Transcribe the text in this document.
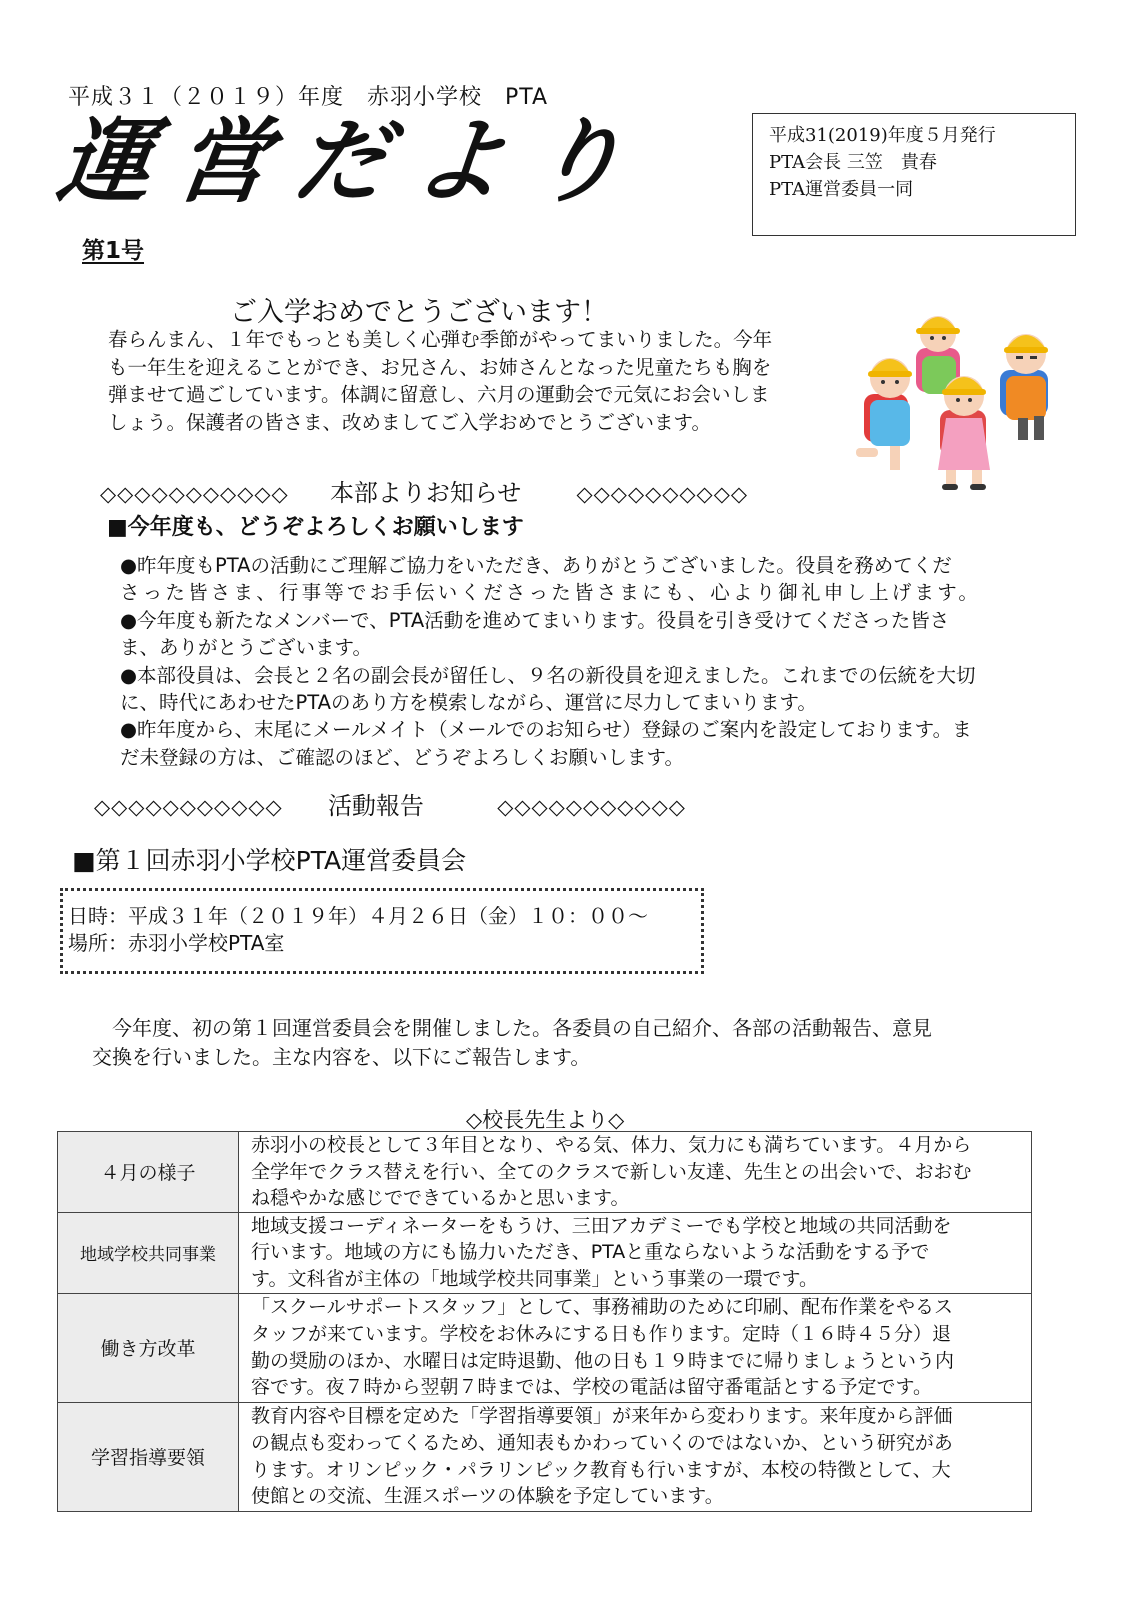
平成３１（２０１９）年度　赤羽小学校　PTA
運営だより
第1号
平成31(2019)年度５月発行
PTA会長 三笠　貴春
PTA運営委員一同
ご入学おめでとうございます！
春らんまん、１年でもっとも美しく心弾む季節がやってまいりました。今年
も一年生を迎えることができ、お兄さん、お姉さんとなった児童たちも胸を
弾ませて過ごしています。体調に留意し、六月の運動会で元気にお会いしま
しょう。保護者の皆さま、改めましてご入学おめでとうございます。
◇◇◇◇◇◇◇◇◇◇◇ 本部よりお知らせ	◇◇◇◇◇◇◇◇◇◇
■今年度も、どうぞよろしくお願いします
●昨年度もPTAの活動にご理解ご協力をいただき、ありがとうございました。役員を務めてくだ
さった皆さま、行事等でお手伝いくださった皆さまにも、心より御礼申し上げます。
●今年度も新たなメンバーで、PTA活動を進めてまいります。役員を引き受けてくださった皆さ
ま、ありがとうございます。
●本部役員は、会長と２名の副会長が留任し、９名の新役員を迎えました。これまでの伝統を大切
に、時代にあわせたPTAのあり方を模索しながら、運営に尽力してまいります。
●昨年度から、末尾にメールメイト（メールでのお知らせ）登録のご案内を設定しております。ま
だ未登録の方は、ご確認のほど、どうぞよろしくお願いします。
◇◇◇◇◇◇◇◇◇◇◇ 活動報告	◇◇◇◇◇◇◇◇◇◇◇
■第１回赤羽小学校PTA運営委員会
日時：平成３１年（２０１９年）４月２６日（金）１０：００～
場所：赤羽小学校PTA室
　今年度、初の第１回運営委員会を開催しました。各委員の自己紹介、各部の活動報告、意見
交換を行いました。主な内容を、以下にご報告します。
◇校長先生より◇
４月の様子	赤羽小の校長として３年目となり、やる気、体力、気力にも満ちています。４月から
全学年でクラス替えを行い、全てのクラスで新しい友達、先生との出会いで、おおむ
ね穏やかな感じでできているかと思います。

地域学校共同事業	地域支援コーディネーターをもうけ、三田アカデミーでも学校と地域の共同活動を
行います。地域の方にも協力いただき、PTAと重ならないような活動をする予で
す。文科省が主体の「地域学校共同事業」という事業の一環です。

働き方改革	「スクールサポートスタッフ」として、事務補助のために印刷、配布作業をやるス
タッフが来ています。学校をお休みにする日も作ります。定時（１６時４５分）退
勤の奨励のほか、水曜日は定時退勤、他の日も１９時までに帰りましょうという内
容です。夜７時から翌朝７時までは、学校の電話は留守番電話とする予定です。

学習指導要領	教育内容や目標を定めた「学習指導要領」が来年から変わります。来年度から評価
の観点も変わってくるため、通知表もかわっていくのではないか、という研究があ
ります。オリンピック・パラリンピック教育も行いますが、本校の特徴として、大
使館との交流、生涯スポーツの体験を予定しています。
